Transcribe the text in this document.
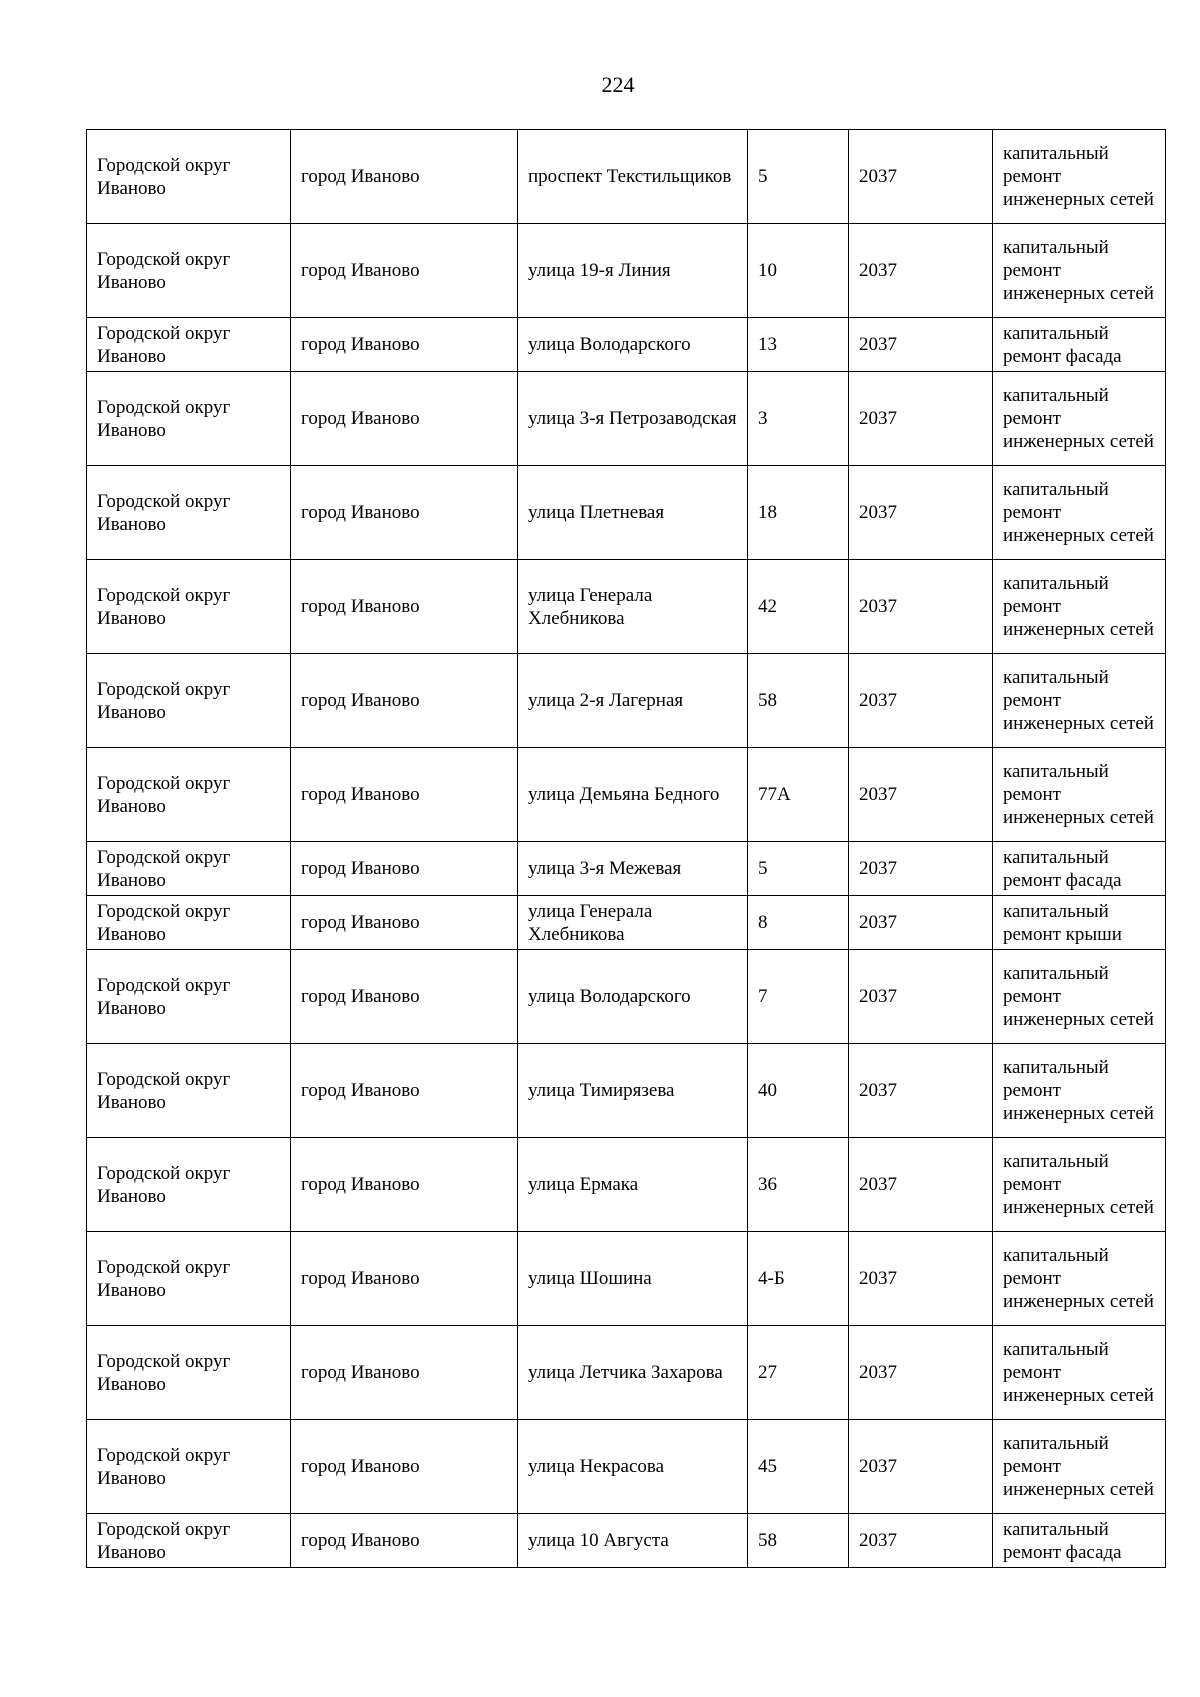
224
Городской округ Иваново	город Иваново	проспект Текстильщиков	5	2037	капитальный ремонт инженерных сетей
Городской округ Иваново	город Иваново	улица 19-я Линия	10	2037	капитальный ремонт инженерных сетей
Городской округ Иваново	город Иваново	улица Володарского	13	2037	капитальный ремонт фасада
Городской округ Иваново	город Иваново	улица 3-я Петрозаводская	3	2037	капитальный ремонт инженерных сетей
Городской округ Иваново	город Иваново	улица Плетневая	18	2037	капитальный ремонт инженерных сетей
Городской округ Иваново	город Иваново	улица Генерала Хлебникова	42	2037	капитальный ремонт инженерных сетей
Городской округ Иваново	город Иваново	улица 2-я Лагерная	58	2037	капитальный ремонт инженерных сетей
Городской округ Иваново	город Иваново	улица Демьяна Бедного	77А	2037	капитальный ремонт инженерных сетей
Городской округ Иваново	город Иваново	улица 3-я Межевая	5	2037	капитальный ремонт фасада
Городской округ Иваново	город Иваново	улица Генерала Хлебникова	8	2037	капитальный ремонт крыши
Городской округ Иваново	город Иваново	улица Володарского	7	2037	капитальный ремонт инженерных сетей
Городской округ Иваново	город Иваново	улица Тимирязева	40	2037	капитальный ремонт инженерных сетей
Городской округ Иваново	город Иваново	улица Ермака	36	2037	капитальный ремонт инженерных сетей
Городской округ Иваново	город Иваново	улица Шошина	4-Б	2037	капитальный ремонт инженерных сетей
Городской округ Иваново	город Иваново	улица Летчика Захарова	27	2037	капитальный ремонт инженерных сетей
Городской округ Иваново	город Иваново	улица Некрасова	45	2037	капитальный ремонт инженерных сетей
Городской округ Иваново	город Иваново	улица 10 Августа	58	2037	капитальный ремонт фасада
